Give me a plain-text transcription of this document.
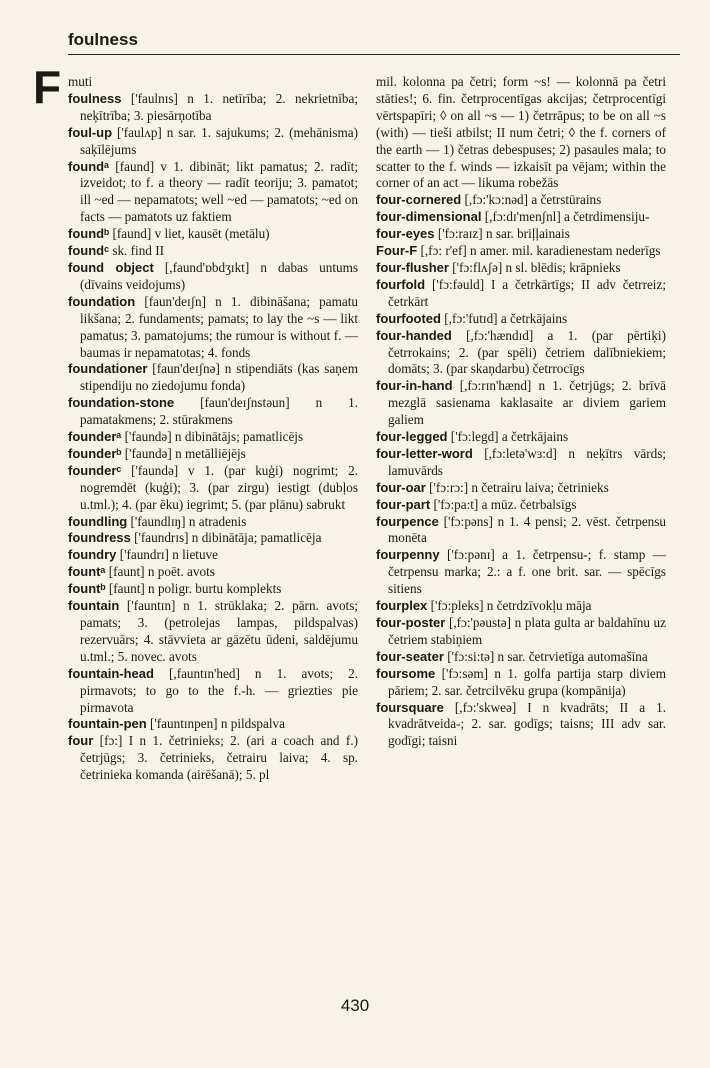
foulness
F muti

foulness ['faulnɪs] n 1. netīrība; 2. nekrietnība; neķītrība; 3. piesārņotība

foul-up ['faulʌp] n sar. 1. sajukums; 2. (mehānisma) saķīlējums

foundᵃ [faund] v 1. dibināt; likt pamatus; 2. radīt; izveidot; to f. a theory — radīt teoriju; 3. pamatot; ill ~ed — nepamatots; well ~ed — pamatots; ~ed on facts — pamatots uz faktiem

foundᵇ [faund] v liet, kausēt (metālu)

foundᶜ sk. find II

found object [,faund'ɒbdʒɪkt] n dabas untums (dīvains veidojums)

foundation [faun'deɪʃn] n 1. dibināšana; pamatu likšana; 2. fundaments; pamats; to lay the ~s — likt pamatus; 3. pamatojums; the rumour is without f. — baumas ir nepamatotas; 4. fonds

foundationer [faun'deɪʃnə] n stipendiāts (kas saņem stipendiju no ziedojumu fonda)

foundation-stone [faun'deɪʃnstəun] n 1. pamatakmens; 2. stūrakmens

founderᵃ ['faundə] n dibinātājs; pamatlicējs

founderᵇ ['faundə] n metālliējējs

founderᶜ ['faundə] v 1. (par kuģi) nogrimt; 2. nogremdēt (kuģi); 3. (par zirgu) iestigt (dubļos u.tml.); 4. (par ēku) iegrimt; 5. (par plānu) sabrukt

foundling ['faundlɪŋ] n atradenis

foundress ['faundrɪs] n dibinātāja; pamatlicēja

foundry ['faundrɪ] n lietuve

fountᵃ [faunt] n poēt. avots

fountᵇ [faunt] n poligr. burtu komplekts

fountain ['fauntɪn] n 1. strūklaka; 2. pārn. avots; pamats; 3. (petrolejas lampas, pildspalvas) rezervuārs; 4. stāvvieta ar gāzētu ūdeni, saldējumu u.tml.; 5. novec. avots

fountain-head [,fauntɪn'hed] n 1. avots; 2. pirmavots; to go to the f.-h. — griezties pie pirmavota

fountain-pen ['fauntɪnpen] n pildspalva

four [fɔ:] I n 1. četrinieks; 2. (ari a coach and f.) četrjūgs; 3. četrinieks, četrairu laiva; 4. sp. četrinieka komanda (airēšanā); 5. pl

mil. kolonna pa četri; form ~s! — kolonnā pa četri stāties!; 6. fin. četrprocentīgas akcijas; četrprocentīgi vērtspapīri; ◊ on all ~s — 1) četrrāpus; to be on all ~s (with) — tieši atbilst; II num četri; ◊ the f. corners of the earth — 1) četras debespuses; 2) pasaules mala; to scatter to the f. winds — izkaisīt pa vējam; within the corner of an act — likuma robežās

four-cornered [,fɔ:'kɔ:nəd] a četrstūrains

four-dimensional [,fɔ:dɪ'menʃnl] a četrdimensiju-

four-eyes ['fɔ:raɪz] n sar. briļļainais

Four-F [,fɔ: r'ef] n amer. mil. karadienestam nederīgs

four-flusher ['fɔ:flʌʃə] n sl. blēdis; krāpnieks

fourfold ['fɔ:fəuld] I a četrkārtīgs; II adv četrreiz; četrkārt

fourfooted [,fɔ:'futɪd] a četrkājains

four-handed [,fɔ:'hændɪd] a 1. (par pērtiķi) četrrokains; 2. (par spēli) četriem dalībniekiem; domāts; 3. (par skaņdarbu) četrrocīgs

four-in-hand [,fɔ:rɪn'hænd] n 1. četrjūgs; 2. brīvā mezglā sasienama kaklasaite ar diviem gariem galiem

four-legged ['fɔ:legd] a četrkājains

four-letter-word [,fɔ:letə'wɜ:d] n neķītrs vārds; lamuvārds

four-oar ['fɔ:rɔ:] n četrairu laiva; četrinieks

four-part ['fɔ:pa:t] a mūz. četrbalsīgs

fourpence ['fɔ:pəns] n 1. 4 pensi; 2. vēst. četrpensu monēta

fourpenny ['fɔ:pənɪ] a 1. četrpensu-; f. stamp — četrpensu marka; 2.: a f. one brit. sar. — spēcīgs sitiens

fourplex ['fɔ:pleks] n četrdzīvokļu māja

four-poster [,fɔ:'pəustə] n plata gulta ar baldahīnu uz četriem stabiņiem

four-seater ['fɔ:si:tə] n sar. četrvietīga automašīna

foursome ['fɔ:səm] n 1. golfa partija starp diviem pāriem; 2. sar. četrcilvēku grupa (kompānija)

foursquare [,fɔ:'skweə] I n kvadrāts; II a 1. kvadrātveida-; 2. sar. godīgs; taisns; III adv sar. godīgi; taisni

430
